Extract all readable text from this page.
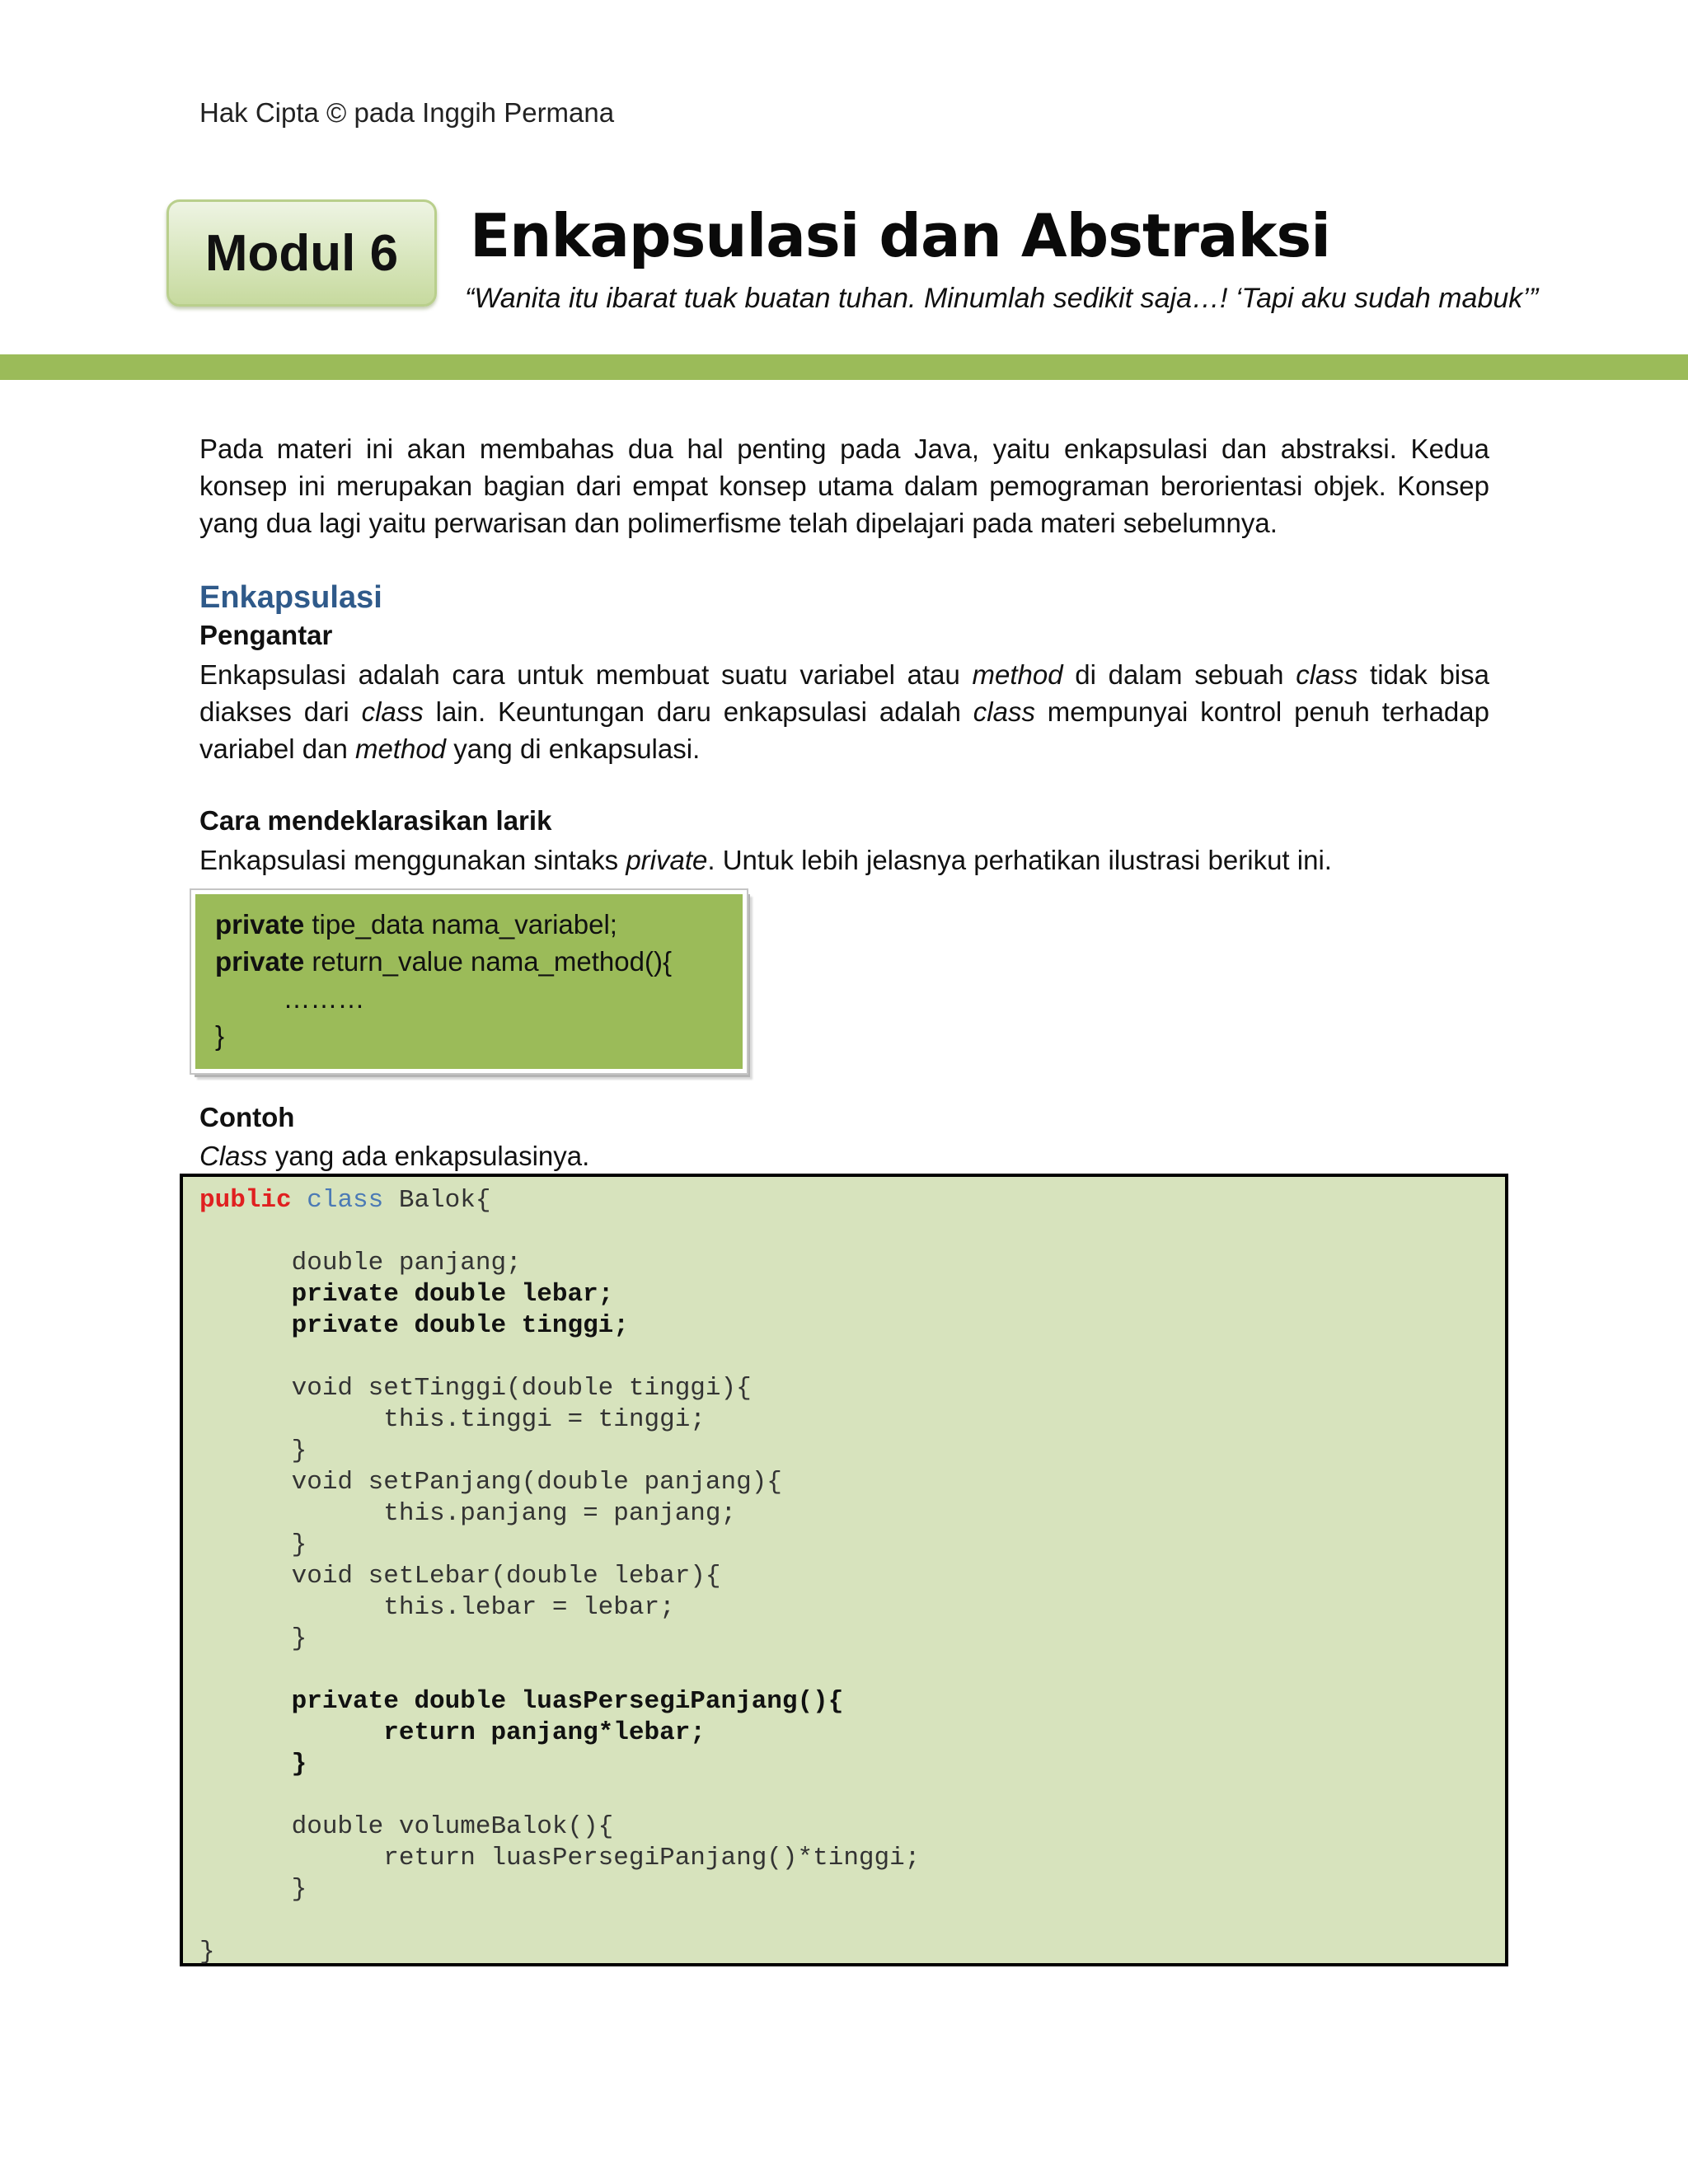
Hak Cipta © pada Inggih Permana
Modul 6 Enkapsulasi dan Abstraksi
“Wanita itu ibarat tuak buatan tuhan. Minumlah sedikit saja…! ‘Tapi aku sudah mabuk’”

Pada materi ini akan membahas dua hal penting pada Java, yaitu enkapsulasi dan abstraksi. Kedua konsep ini merupakan bagian dari empat konsep utama dalam pemograman berorientasi objek. Konsep yang dua lagi yaitu perwarisan dan polimerfisme telah dipelajari pada materi sebelumnya.

Enkapsulasi
Pengantar

Enkapsulasi adalah cara untuk membuat suatu variabel atau method di dalam sebuah class tidak bisa diakses dari class lain. Keuntungan daru enkapsulasi adalah class mempunyai kontrol penuh terhadap variabel dan method yang di enkapsulasi.

Cara mendeklarasikan larik

Enkapsulasi menggunakan sintaks private. Untuk lebih jelasnya perhatikan ilustrasi berikut ini.

private tipe_data nama_variabel;
private return_value nama_method(){
………
}
Contoh

Class yang ada enkapsulasinya.

public class Balok{
double panjang;
private double lebar;
private double tinggi;
void setTinggi(double tinggi){
this.tinggi = tinggi;
}
void setPanjang(double panjang){
this.panjang = panjang;
}
void setLebar(double lebar){
this.lebar = lebar;
}
private double luasPersegiPanjang(){
return panjang*lebar;
}
double volumeBalok(){
return luasPersegiPanjang()*tinggi;
}
}
